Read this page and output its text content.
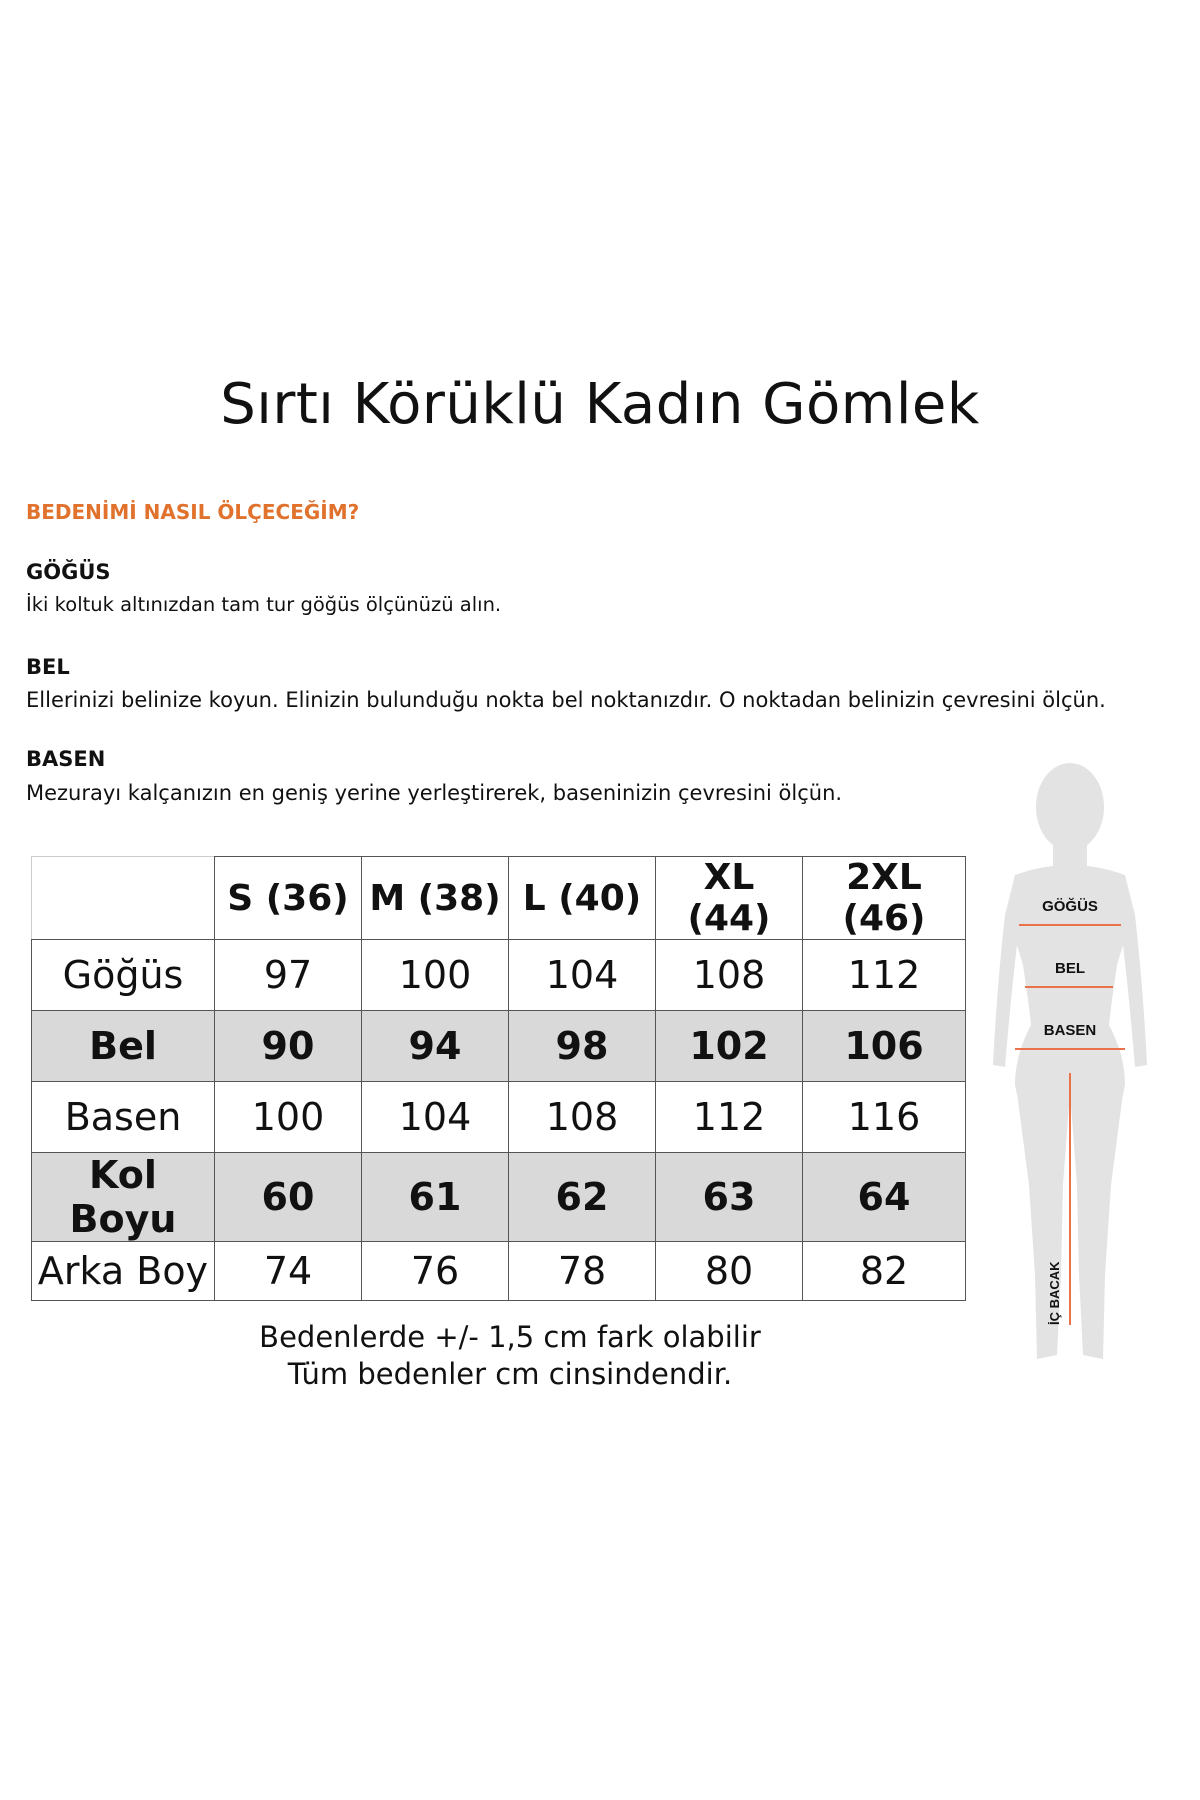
Sırtı Körüklü Kadın Gömlek

BEDENİMİ NASIL ÖLÇECEĞİM?

GÖĞÜS

İki koltuk altınızdan tam tur göğüs ölçünüzü alın.

BEL

Ellerinizi belinize koyun. Elinizin bulunduğu nokta bel noktanızdır. O noktadan belinizin çevresini ölçün.

BASEN

Mezurayı kalçanızın en geniş yerine yerleştirerek, baseninizin çevresini ölçün.

	S (36)	M (38)	L (40)	XL (44)	2XL (46)
Göğüs	97	100	104	108	112
Bel	90	94	98	102	106
Basen	100	104	108	112	116
Kol Boyu	60	61	62	63	64
Arka Boy	74	76	78	80	82

Bedenlerde +/- 1,5 cm fark olabilir

Tüm bedenler cm cinsindendir.

GÖĞÜS
BEL
BASEN
İÇ BACAK
